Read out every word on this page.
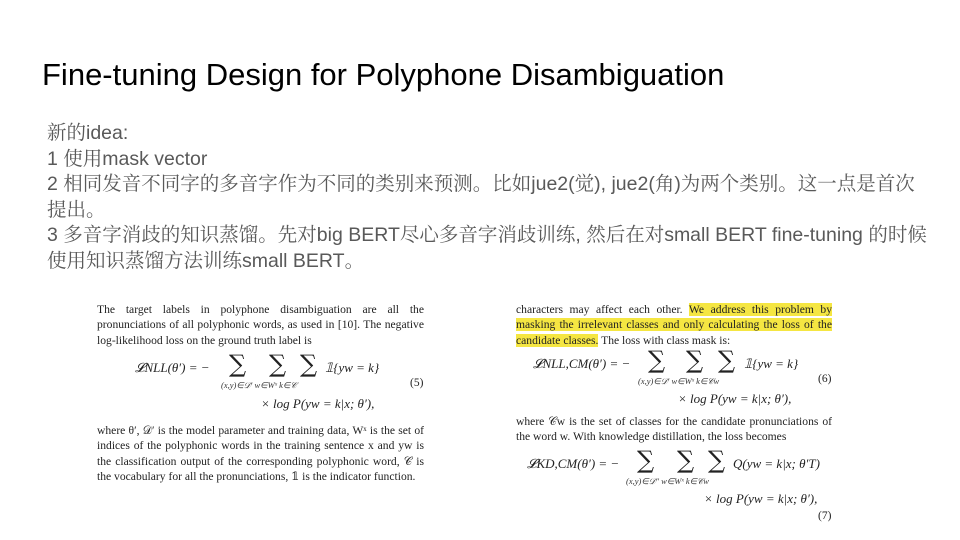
Fine-tuning Design for Polyphone Disambiguation
新的idea:
1 使用mask vector
2 相同发音不同字的多音字作为不同的类别来预测。比如jue2(觉), jue2(角)为两个类别。这一点是首次提出。
3 多音字消歧的知识蒸馏。先对big BERT尽心多音字消歧训练, 然后在对small BERT fine-tuning 的时候使用知识蒸馏方法训练small BERT。

The target labels in polyphone disambiguation are all the pronunciations of all polyphonic words, as used in [10]. The negative log-likelihood loss on the ground truth label is

𝓛NLL(θ′) = − ∑ ∑ ∑ 𝟙{yw = k}
(x,y)∈𝒟′ w∈Wˣ k∈𝒞	(5)
× log P(yw = k|x; θ′),

where θ′, 𝒟′ is the model parameter and training data, Wˣ is the set of indices of the polyphonic words in the training sentence x and yw is the classification output of the corresponding polyphonic word, 𝒞 is the vocabulary for all the pronunciations, 𝟙 is the indicator function.

characters may affect each other. We address this problem by masking the irrelevant classes and only calculating the loss of the candidate classes. The loss with class mask is:

𝓛NLL,CM(θ′) = − ∑ ∑ ∑ 𝟙{yw = k}
(x,y)∈𝒟′ w∈Wˣ k∈𝒞w	(6)
× log P(yw = k|x; θ′),

where 𝒞w is the set of classes for the candidate pronunciations of the word w. With knowledge distillation, the loss becomes

𝓛KD,CM(θ′) = − ∑ ∑ ∑ Q(yw = k|x; θ′T)
(x,y)∈𝒟″ w∈Wˣ k∈𝒞w
× log P(yw = k|x; θ′),
(7)
